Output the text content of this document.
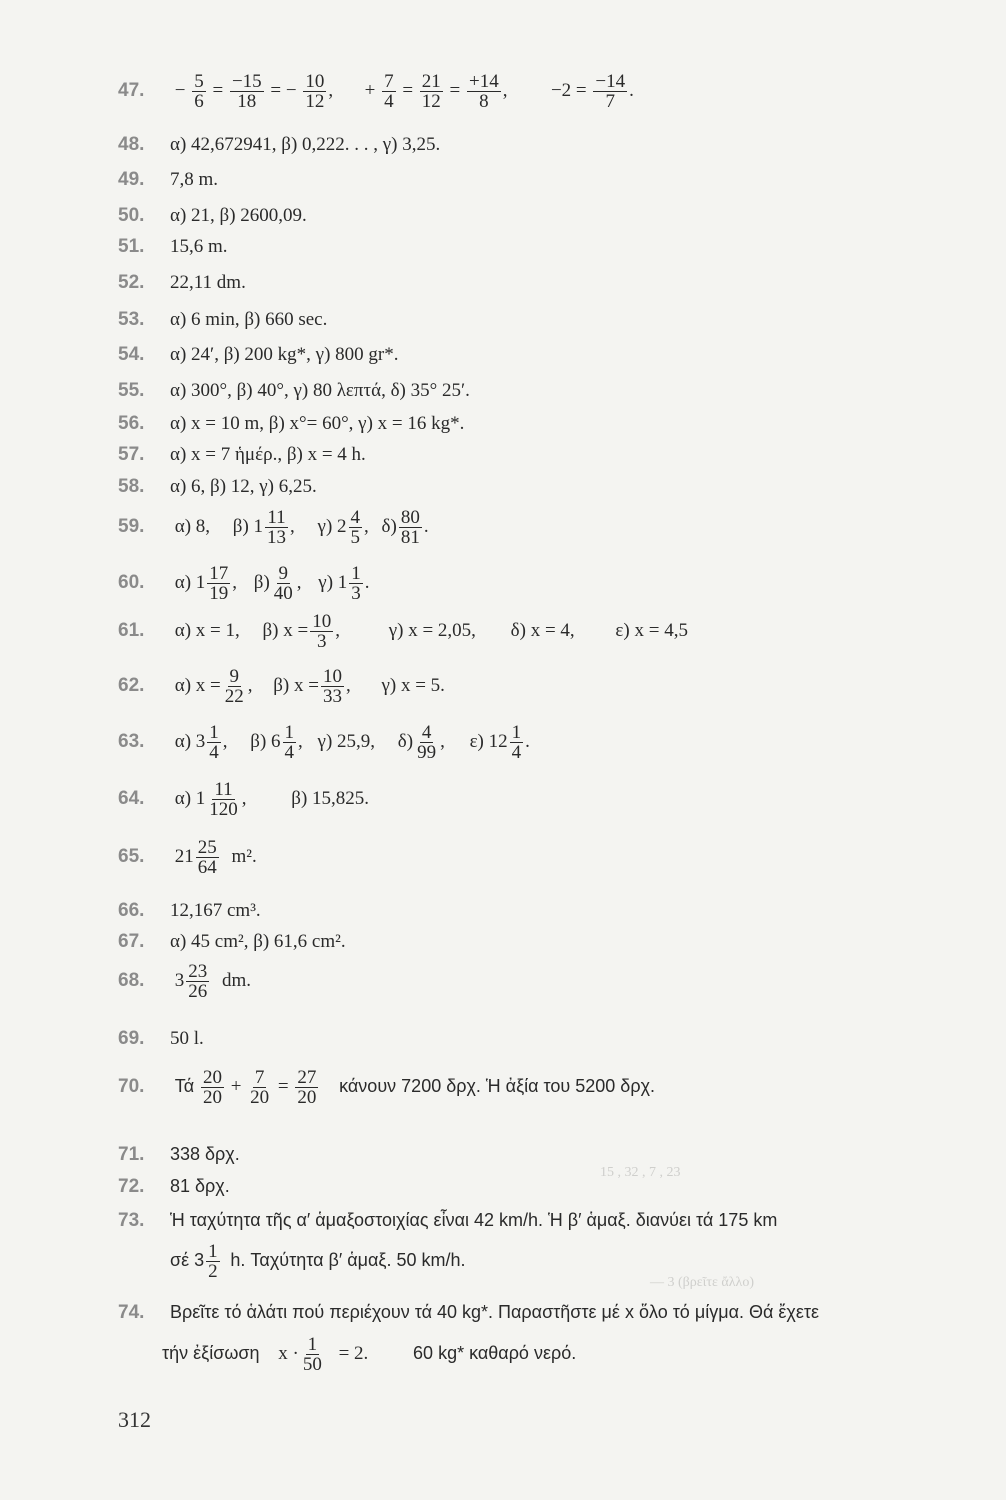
15 , 32 , 7 , 23
— 3 (βρεῖτε ἄλλο)
47. − $\frac{5}{6} = \frac{-15}{18}$ = − $\frac{10}{12}$ , + $\frac{7}{4} = \frac{21}{12} = \frac{+14}{8}$ , $-2 = \frac{-14}{7}$ .
48. α) 42,672941, β) 0,222. . . , γ) 3,25.
49. 7,8 m.
50. α) 21, β) 2600,09.
51. 15,6 m.
52. 22,11 dm.
53. α) 6 min, β) 660 sec.
54. α) 24′, β) 200 kg*, γ) 800 gr*.
55. α) 300°, β) 40°, γ) 80 λεπτά, δ) 35° 25′.
56. α) x = 10 m, β) x°= 60°, γ) x = 16 kg*.
57. α) x = 7 ἡμέρ., β) x = 4 h.
58. α) 6, β) 12, γ) 6,25.
59. α) 8, β) $1 \frac{11}{13}$ , γ) $2 \frac{4}{5}$ , $\delta) \frac{80}{81}$ .
60. α) $1 \frac{17}{19}$ , $\beta) \frac{9}{40}$ , γ) $1 \frac{1}{3}$ .
61. α) x = 1, β) $x = \frac{10}{3}$ ,	γ) x = 2,05, δ) x = 4, ε) x = 4,5
62. α) $x = \frac{9}{22}$ , β) $x = \frac{10}{33}$ , γ) x = 5.
63. α) $3 \frac{1}{4}$ , β) $6 \frac{1}{4}$ , γ) 25,9, $\delta) \frac{4}{99}$ , ε) $12 \frac{1}{4}$ .
64. α) $1 \frac{11}{120}$ , β) 15,825.
65. $21 \frac{25}{64} m^2$.
66. 12,167 cm³.
67. α) 45 cm², β) 61,6 cm².
68. $3 \frac{23}{26}$ dm.
69. 50 l.
70. Τά $\frac{20}{20} + \frac{7}{20} = \frac{27}{20}$ κάνουν 7200 δρχ. Ἡ ἀξία του 5200 δρχ.
71. 338 δρχ.
72. 81 δρχ.
73. Ἡ ταχύτητα τῆς α′ ἁμαξοστοιχίας εἶναι 42 km/h. Ἡ β′ ἁμαξ. διανύει τά 175 km
σέ $3 \frac{1}{2} h$. Ταχύτητα β′ ἁμαξ. 50 km/h.
74. Βρεῖτε τό ἁλάτι πού περιέχουν τά 40 kg*. Παραστῆστε μέ x ὅλο τό μίγμα. Θά ἔχετε
τήν ἐξίσωση $x \cdot \frac{1}{50} = 2$. 60 kg* καθαρό νερό.
312
